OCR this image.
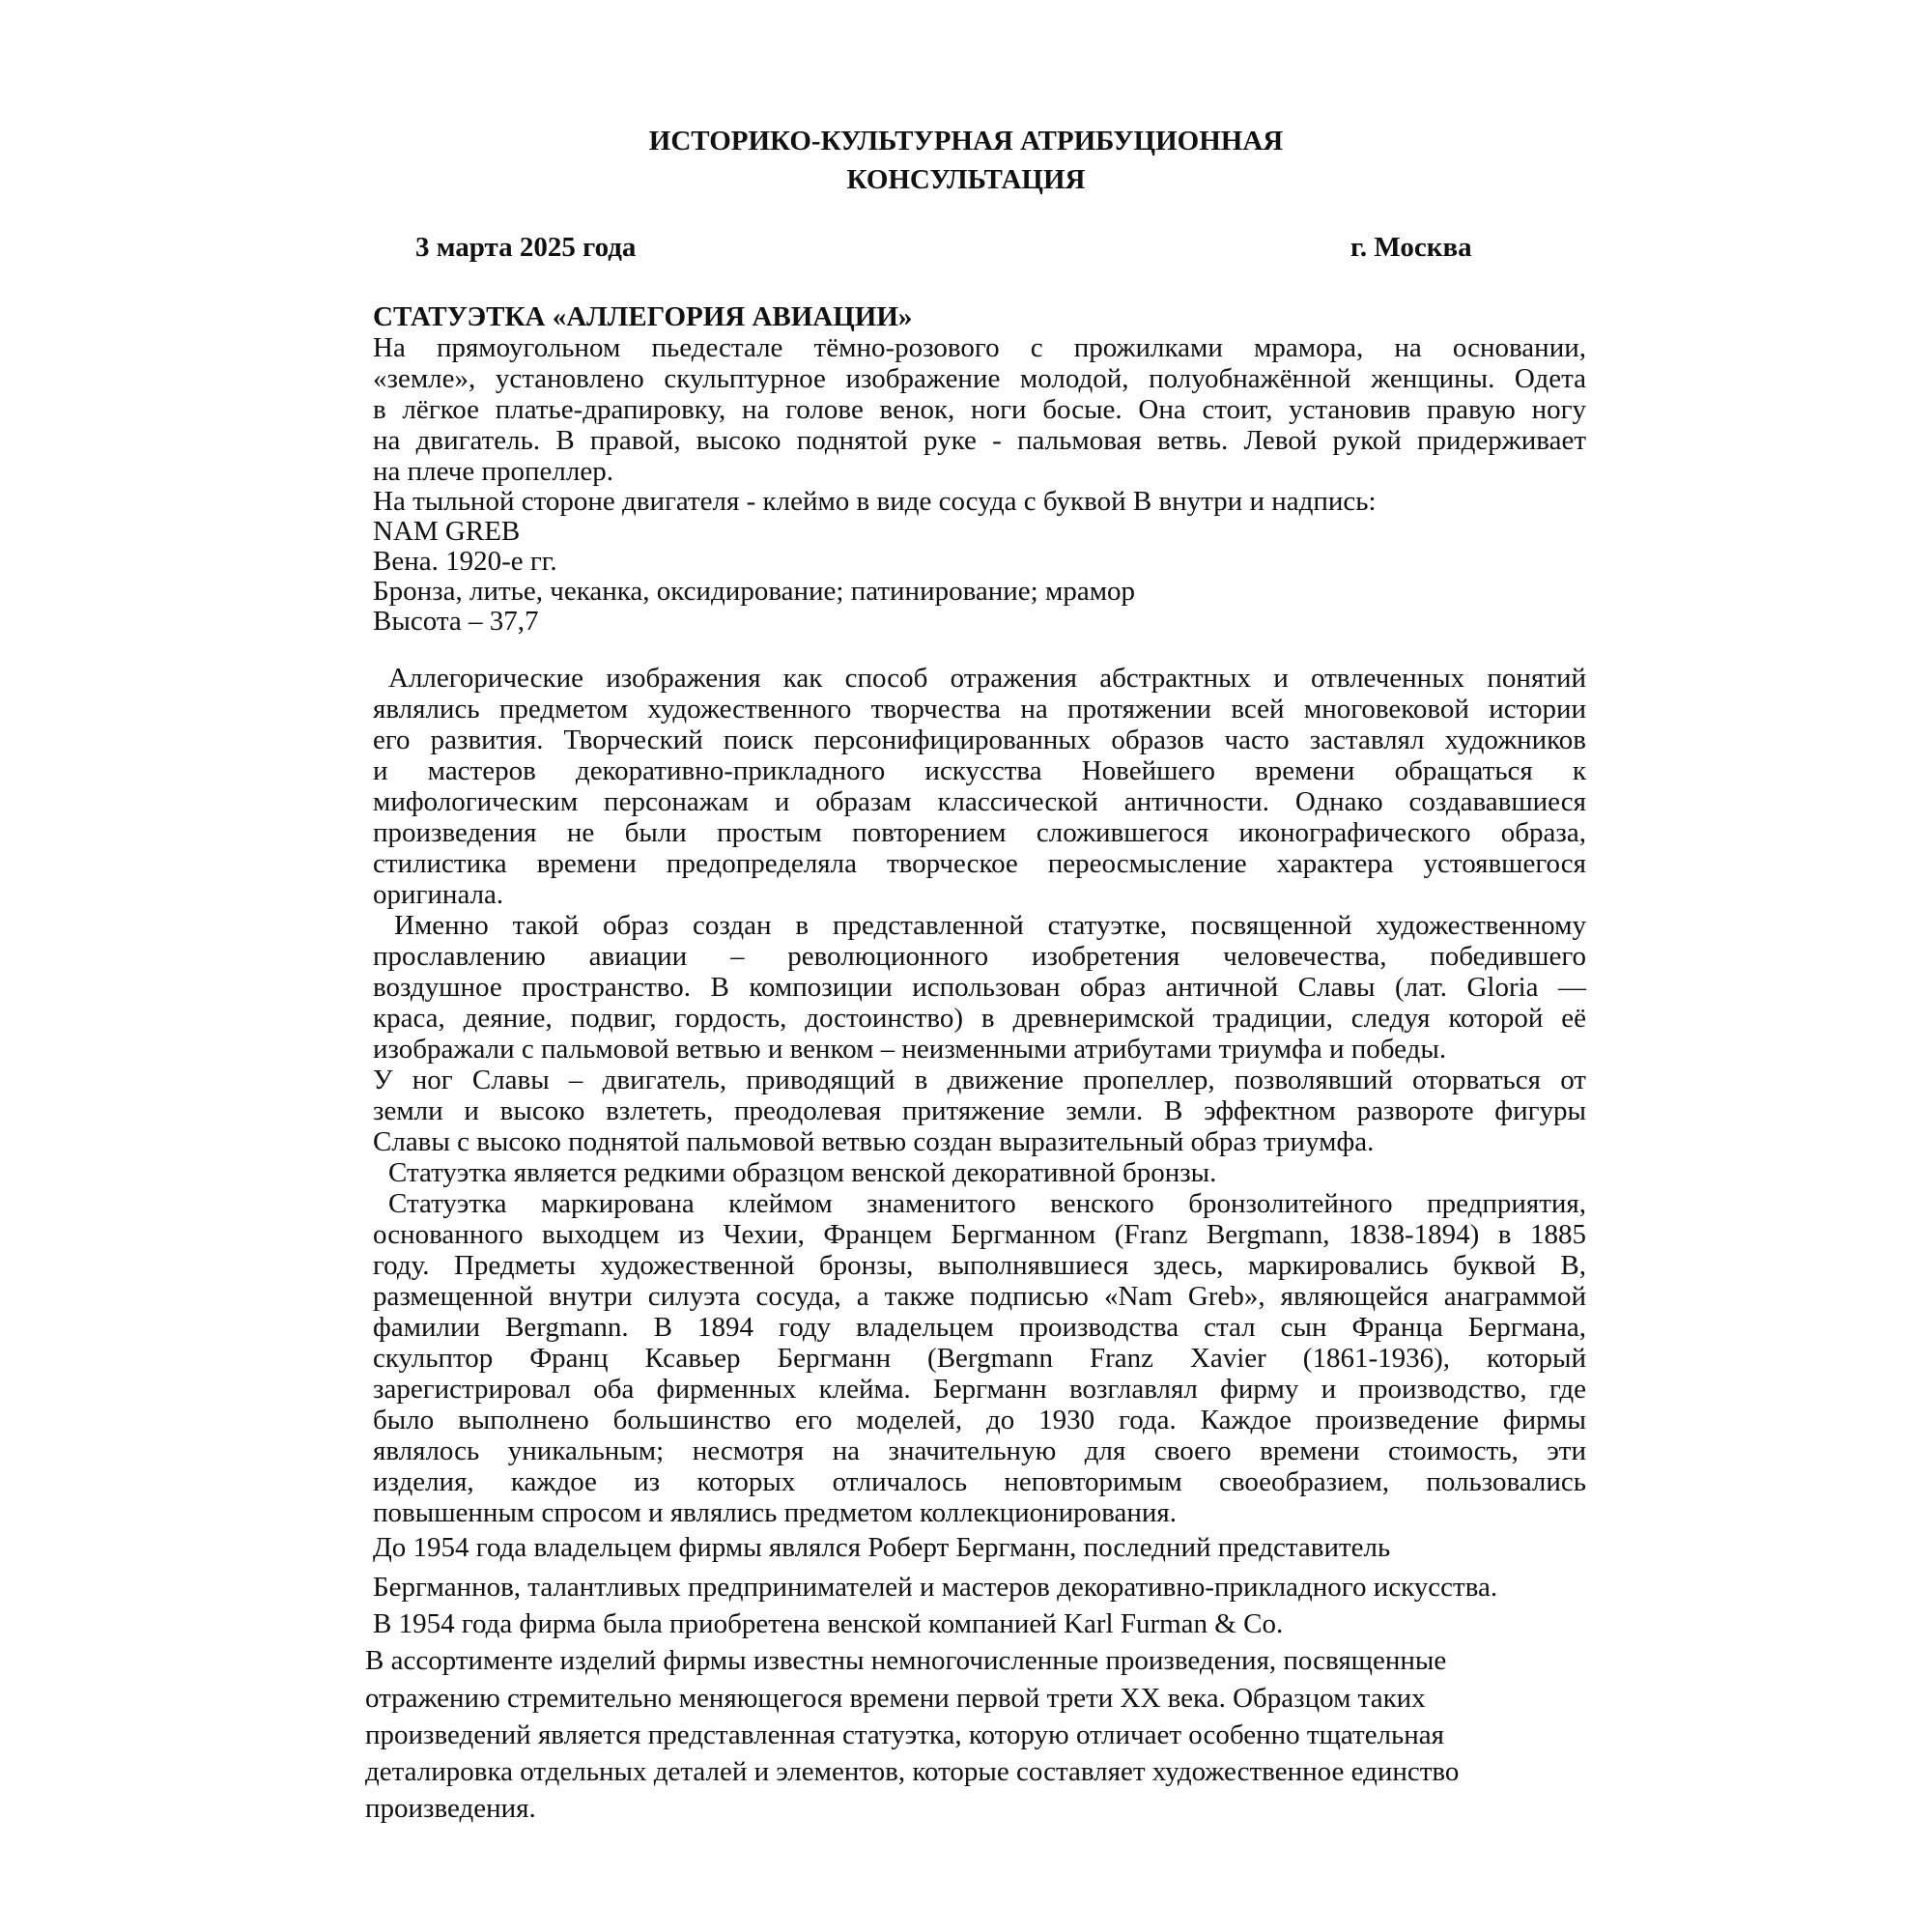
ИСТОРИКО-КУЛЬТУРНАЯ АТРИБУЦИОННАЯ
КОНСУЛЬТАЦИЯ
3 марта 2025 года	г. Москва
СТАТУЭТКА «АЛЛЕГОРИЯ АВИАЦИИ»
На прямоугольном пьедестале тёмно-розового с прожилками мрамора, на основании,
«земле», установлено скульптурное изображение молодой, полуобнажённой женщины. Одета
в лёгкое платье-драпировку, на голове венок, ноги босые. Она стоит, установив правую ногу
на двигатель. В правой, высоко поднятой руке - пальмовая ветвь. Левой рукой придерживает
на плече пропеллер.
На тыльной стороне двигателя - клеймо в виде сосуда с буквой В внутри и надпись:
NAM GREB
Вена. 1920-е гг.
Бронза, литье, чеканка, оксидирование; патинирование; мрамор
Высота – 37,7
Аллегорические изображения как способ отражения абстрактных и отвлеченных понятий
являлись предметом художественного творчества на протяжении всей многовековой истории
его развития. Творческий поиск персонифицированных образов часто заставлял художников
и мастеров декоративно-прикладного искусства Новейшего времени обращаться к
мифологическим персонажам и образам классической античности. Однако создававшиеся
произведения не были простым повторением сложившегося иконографического образа,
стилистика времени предопределяла творческое переосмысление характера устоявшегося
оригинала.
Именно такой образ создан в представленной статуэтке, посвященной художественному
прославлению авиации – революционного изобретения человечества, победившего
воздушное пространство. В композиции использован образ античной Славы (лат. Gloria —
краса, деяние, подвиг, гордость, достоинство) в древнеримской традиции, следуя которой её
изображали с пальмовой ветвью и венком – неизменными атрибутами триумфа и победы.
У ног Славы – двигатель, приводящий в движение пропеллер, позволявший оторваться от
земли и высоко взлететь, преодолевая притяжение земли. В эффектном развороте фигуры
Славы с высоко поднятой пальмовой ветвью создан выразительный образ триумфа.
Статуэтка является редкими образцом венской декоративной бронзы.
Статуэтка маркирована клеймом знаменитого венского бронзолитейного предприятия,
основанного выходцем из Чехии, Францем Бергманном (Franz Bergmann, 1838-1894) в 1885
году. Предметы художественной бронзы, выполнявшиеся здесь, маркировались буквой В,
размещенной внутри силуэта сосуда, а также подписью «Nam Greb», являющейся анаграммой
фамилии Bergmann. В 1894 году владельцем производства стал сын Франца Бергмана,
скульптор Франц Ксавьер Бергманн (Bergmann Franz Xavier (1861-1936), который
зарегистрировал оба фирменных клейма. Бергманн возглавлял фирму и производство, где
было выполнено большинство его моделей, до 1930 года. Каждое произведение фирмы
являлось уникальным; несмотря на значительную для своего времени стоимость, эти
изделия, каждое из которых отличалось неповторимым своеобразием, пользовались
повышенным спросом и являлись предметом коллекционирования.
До 1954 года владельцем фирмы являлся Роберт Бергманн, последний представитель
Бергманнов, талантливых предпринимателей и мастеров декоративно-прикладного искусства.
В 1954 года фирма была приобретена венской компанией Karl Furman & Co.
В ассортименте изделий фирмы известны немногочисленные произведения, посвященные
отражению стремительно меняющегося времени первой трети XX века. Образцом таких
произведений является представленная статуэтка, которую отличает особенно тщательная
деталировка отдельных деталей и элементов, которые составляет художественное единство
произведения.
